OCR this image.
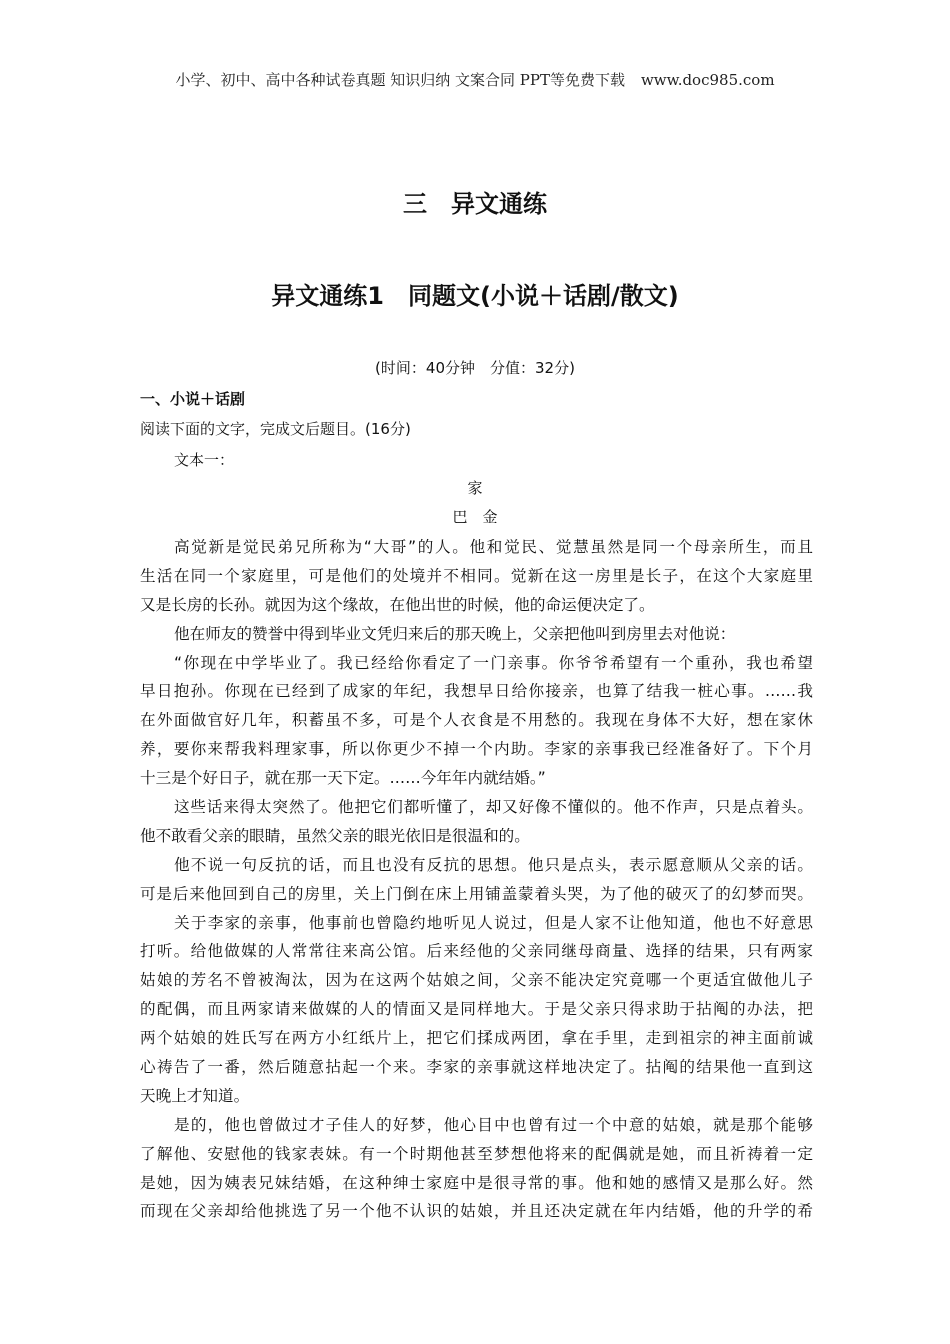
小学、初中、高中各种试卷真题 知识归纳 文案合同 PPT等免费下载 www.doc985.com
三　异文通练
异文通练1　同题文(小说＋话剧/散文)
(时间：40分钟　分值：32分)
一、小说＋话剧
阅读下面的文字，完成文后题目。(16分)
文本一：
家
巴　金
高觉新是觉民弟兄所称为“大哥”的人。他和觉民、觉慧虽然是同一个母亲所生，而且
生活在同一个家庭里，可是他们的处境并不相同。觉新在这一房里是长子，在这个大家庭里
又是长房的长孙。就因为这个缘故，在他出世的时候，他的命运便决定了。
他在师友的赞誉中得到毕业文凭归来后的那天晚上，父亲把他叫到房里去对他说：
“你现在中学毕业了。我已经给你看定了一门亲事。你爷爷希望有一个重孙，我也希望
早日抱孙。你现在已经到了成家的年纪，我想早日给你接亲，也算了结我一桩心事。……我
在外面做官好几年，积蓄虽不多，可是个人衣食是不用愁的。我现在身体不大好，想在家休
养，要你来帮我料理家事，所以你更少不掉一个内助。李家的亲事我已经准备好了。下个月
十三是个好日子，就在那一天下定。……今年年内就结婚。”
这些话来得太突然了。他把它们都听懂了，却又好像不懂似的。他不作声，只是点着头。
他不敢看父亲的眼睛，虽然父亲的眼光依旧是很温和的。
他不说一句反抗的话，而且也没有反抗的思想。他只是点头，表示愿意顺从父亲的话。
可是后来他回到自己的房里，关上门倒在床上用铺盖蒙着头哭，为了他的破灭了的幻梦而哭。
关于李家的亲事，他事前也曾隐约地听见人说过，但是人家不让他知道，他也不好意思
打听。给他做媒的人常常往来高公馆。后来经他的父亲同继母商量、选择的结果，只有两家
姑娘的芳名不曾被淘汰，因为在这两个姑娘之间，父亲不能决定究竟哪一个更适宜做他儿子
的配偶，而且两家请来做媒的人的情面又是同样地大。于是父亲只得求助于拈阄的办法，把
两个姑娘的姓氏写在两方小红纸片上，把它们揉成两团，拿在手里，走到祖宗的神主面前诚
心祷告了一番，然后随意拈起一个来。李家的亲事就这样地决定了。拈阄的结果他一直到这
天晚上才知道。
是的，他也曾做过才子佳人的好梦，他心目中也曾有过一个中意的姑娘，就是那个能够
了解他、安慰他的钱家表妹。有一个时期他甚至梦想他将来的配偶就是她，而且祈祷着一定
是她，因为姨表兄妹结婚，在这种绅士家庭中是很寻常的事。他和她的感情又是那么好。然
而现在父亲却给他挑选了另一个他不认识的姑娘，并且还决定就在年内结婚，他的升学的希
